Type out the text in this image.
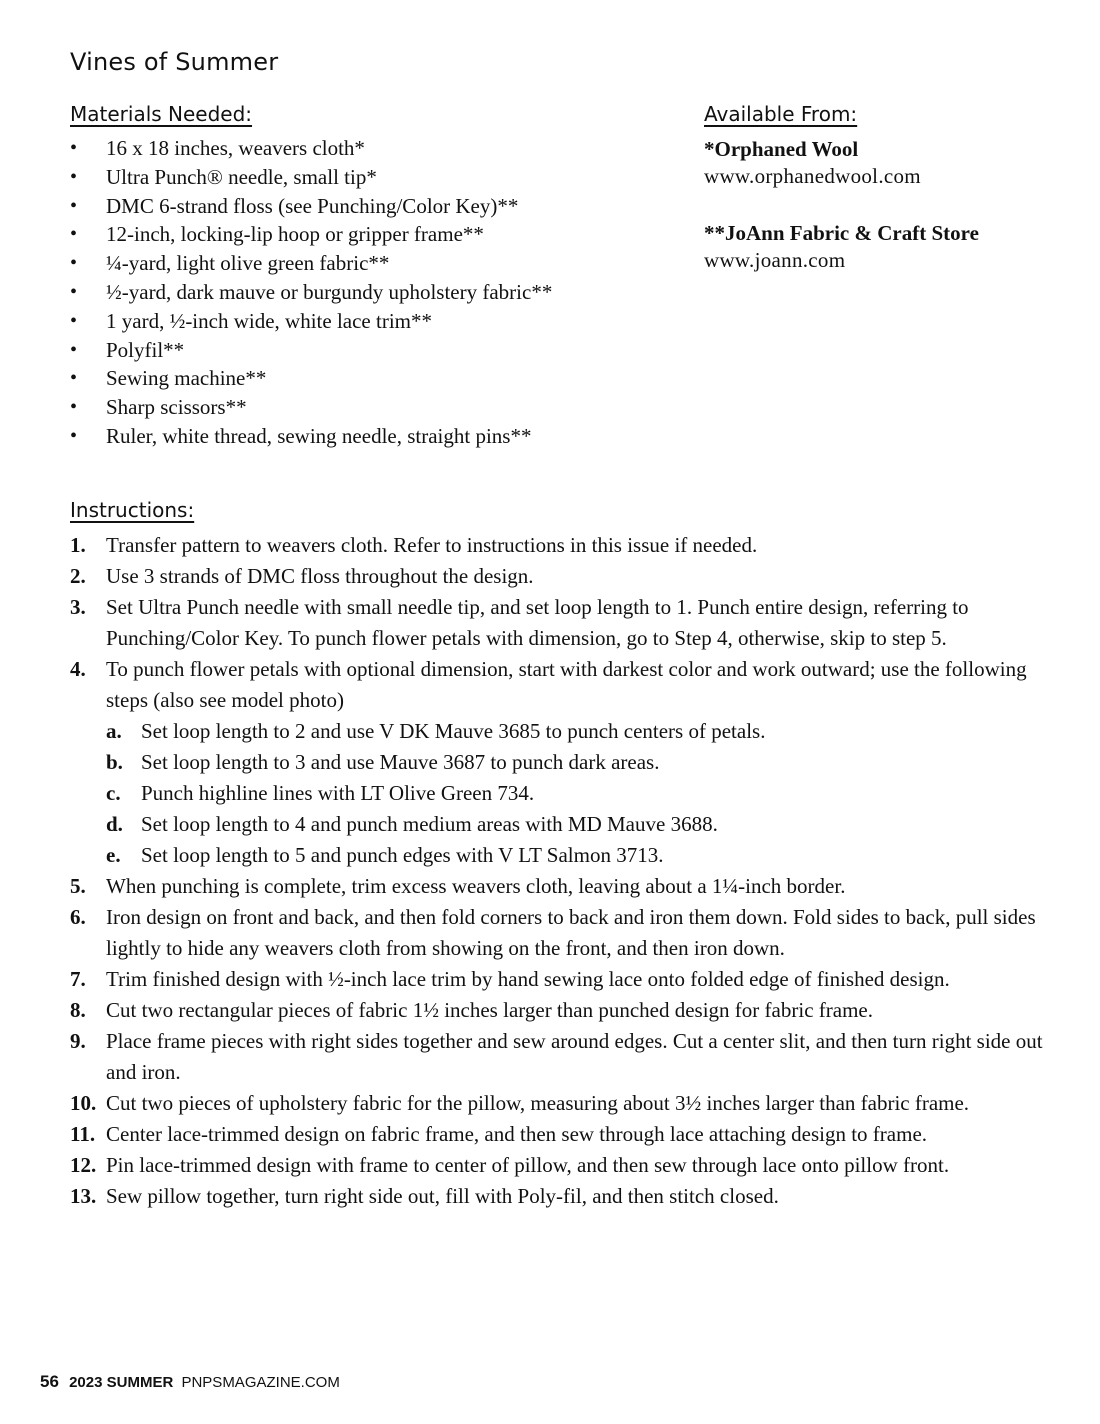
Vines of Summer
Materials Needed:
• 16 x 18 inches, weavers cloth*
• Ultra Punch® needle, small tip*
• DMC 6-strand floss (see Punching/Color Key)**
• 12-inch, locking-lip hoop or gripper frame**
• ¼-yard, light olive green fabric**
• ½-yard, dark mauve or burgundy upholstery fabric**
• 1 yard, ½-inch wide, white lace trim**
• Polyfil**
• Sewing machine**
• Sharp scissors**
• Ruler, white thread, sewing needle, straight pins**
Available From:
*Orphaned Wool
www.orphanedwool.com
**JoAnn Fabric & Craft Store
www.joann.com
Instructions:
1. Transfer pattern to weavers cloth. Refer to instructions in this issue if needed.
2. Use 3 strands of DMC floss throughout the design.
3. Set Ultra Punch needle with small needle tip, and set loop length to 1. Punch entire design, referring to Punching/Color Key. To punch flower petals with dimension, go to Step 4, otherwise, skip to step 5.
4. To punch flower petals with optional dimension, start with darkest color and work outward; use the following steps (also see model photo)
a. Set loop length to 2 and use V DK Mauve 3685 to punch centers of petals.
b. Set loop length to 3 and use Mauve 3687 to punch dark areas.
c. Punch highline lines with LT Olive Green 734.
d. Set loop length to 4 and punch medium areas with MD Mauve 3688.
e. Set loop length to 5 and punch edges with V LT Salmon 3713.
5. When punching is complete, trim excess weavers cloth, leaving about a 1¼-inch border.
6. Iron design on front and back, and then fold corners to back and iron them down. Fold sides to back, pull sides lightly to hide any weavers cloth from showing on the front, and then iron down.
7. Trim finished design with ½-inch lace trim by hand sewing lace onto folded edge of finished design.
8. Cut two rectangular pieces of fabric 1½ inches larger than punched design for fabric frame.
9. Place frame pieces with right sides together and sew around edges. Cut a center slit, and then turn right side out and iron.
10. Cut two pieces of upholstery fabric for the pillow, measuring about 3½ inches larger than fabric frame.
11. Center lace-trimmed design on fabric frame, and then sew through lace attaching design to frame.
12. Pin lace-trimmed design with frame to center of pillow, and then sew through lace onto pillow front.
13. Sew pillow together, turn right side out, fill with Poly-fil, and then stitch closed.
56 2023 SUMMER PNPSMAGAZINE.COM
